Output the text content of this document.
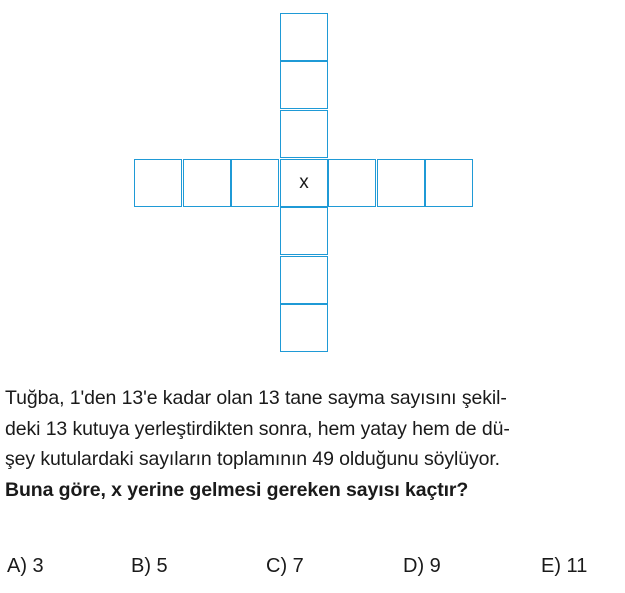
x
Tuğba, 1'den 13'e kadar olan 13 tane sayma sayısını şekil-
deki 13 kutuya yerleştirdikten sonra, hem yatay hem de dü-
şey kutulardaki sayıların toplamının 49 olduğunu söylüyor.
Buna göre, x yerine gelmesi gereken sayısı kaçtır?
A) 3	B) 5	C) 7	D) 9	E) 11
